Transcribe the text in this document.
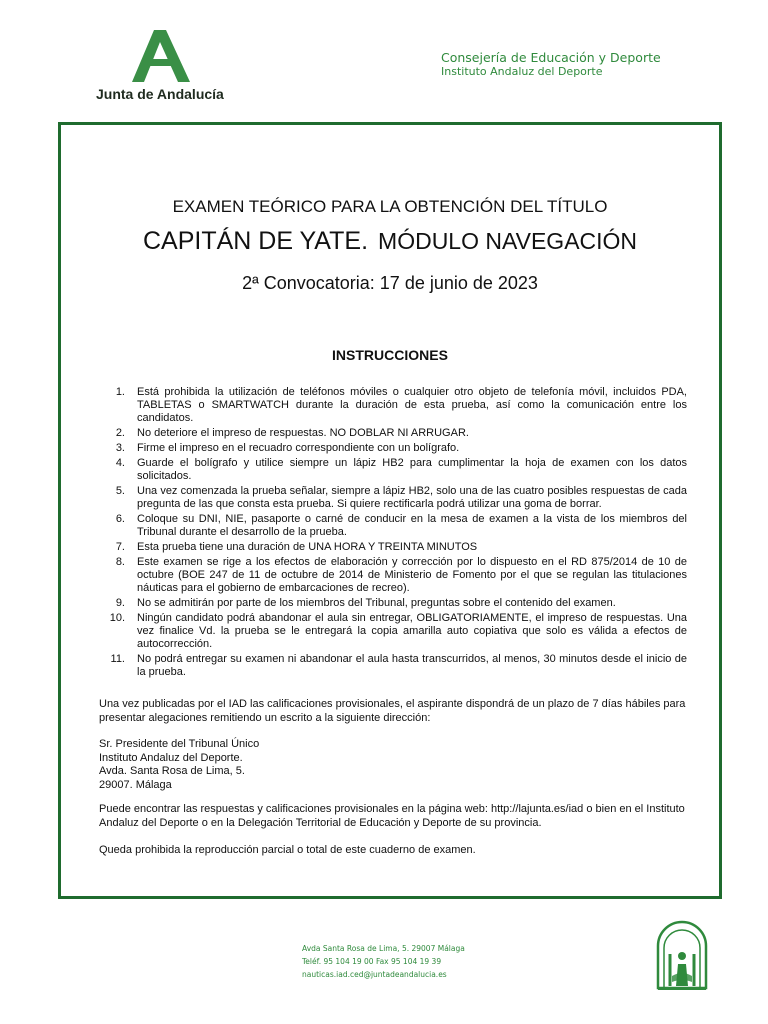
Junta de Andalucía
Consejería de Educación y Deporte
Instituto Andaluz del Deporte
EXAMEN TEÓRICO PARA LA OBTENCIÓN DEL TÍTULO
CAPITÁN DE YATE. MÓDULO NAVEGACIÓN
2ª Convocatoria: 17 de junio de 2023
INSTRUCCIONES
1. Está prohibida la utilización de teléfonos móviles o cualquier otro objeto de telefonía móvil, incluidos PDA, TABLETAS o SMARTWATCH durante la duración de esta prueba, así como la comunicación entre los candidatos.
2. No deteriore el impreso de respuestas. NO DOBLAR NI ARRUGAR.
3. Firme el impreso en el recuadro correspondiente con un bolígrafo.
4. Guarde el bolígrafo y utilice siempre un lápiz HB2 para cumplimentar la hoja de examen con los datos solicitados.
5. Una vez comenzada la prueba señalar, siempre a lápiz HB2, solo una de las cuatro posibles respuestas de cada pregunta de las que consta esta prueba. Si quiere rectificarla podrá utilizar una goma de borrar.
6. Coloque su DNI, NIE, pasaporte o carné de conducir en la mesa de examen a la vista de los miembros del Tribunal durante el desarrollo de la prueba.
7. Esta prueba tiene una duración de UNA HORA Y TREINTA MINUTOS
8. Este examen se rige a los efectos de elaboración y corrección por lo dispuesto en el RD 875/2014 de 10 de octubre (BOE 247 de 11 de octubre de 2014 de Ministerio de Fomento por el que se regulan las titulaciones náuticas para el gobierno de embarcaciones de recreo).
9. No se admitirán por parte de los miembros del Tribunal, preguntas sobre el contenido del examen.
10. Ningún candidato podrá abandonar el aula sin entregar, OBLIGATORIAMENTE, el impreso de respuestas. Una vez finalice Vd. la prueba se le entregará la copia amarilla auto copiativa que solo es válida a efectos de autocorrección.
11. No podrá entregar su examen ni abandonar el aula hasta transcurridos, al menos, 30 minutos desde el inicio de la prueba.
Una vez publicadas por el IAD las calificaciones provisionales, el aspirante dispondrá de un plazo de 7 días hábiles para presentar alegaciones remitiendo un escrito a la siguiente dirección:
Sr. Presidente del Tribunal Único
Instituto Andaluz del Deporte.
Avda. Santa Rosa de Lima, 5.
29007. Málaga
Puede encontrar las respuestas y calificaciones provisionales en la página web: http://lajunta.es/iad o bien en el Instituto Andaluz del Deporte o en la Delegación Territorial de Educación y Deporte de su provincia.
Queda prohibida la reproducción parcial o total de este cuaderno de examen.
Avda Santa Rosa de Lima, 5. 29007 Málaga
Teléf. 95 104 19 00 Fax 95 104 19 39
nauticas.iad.ced@juntadeandalucia.es
